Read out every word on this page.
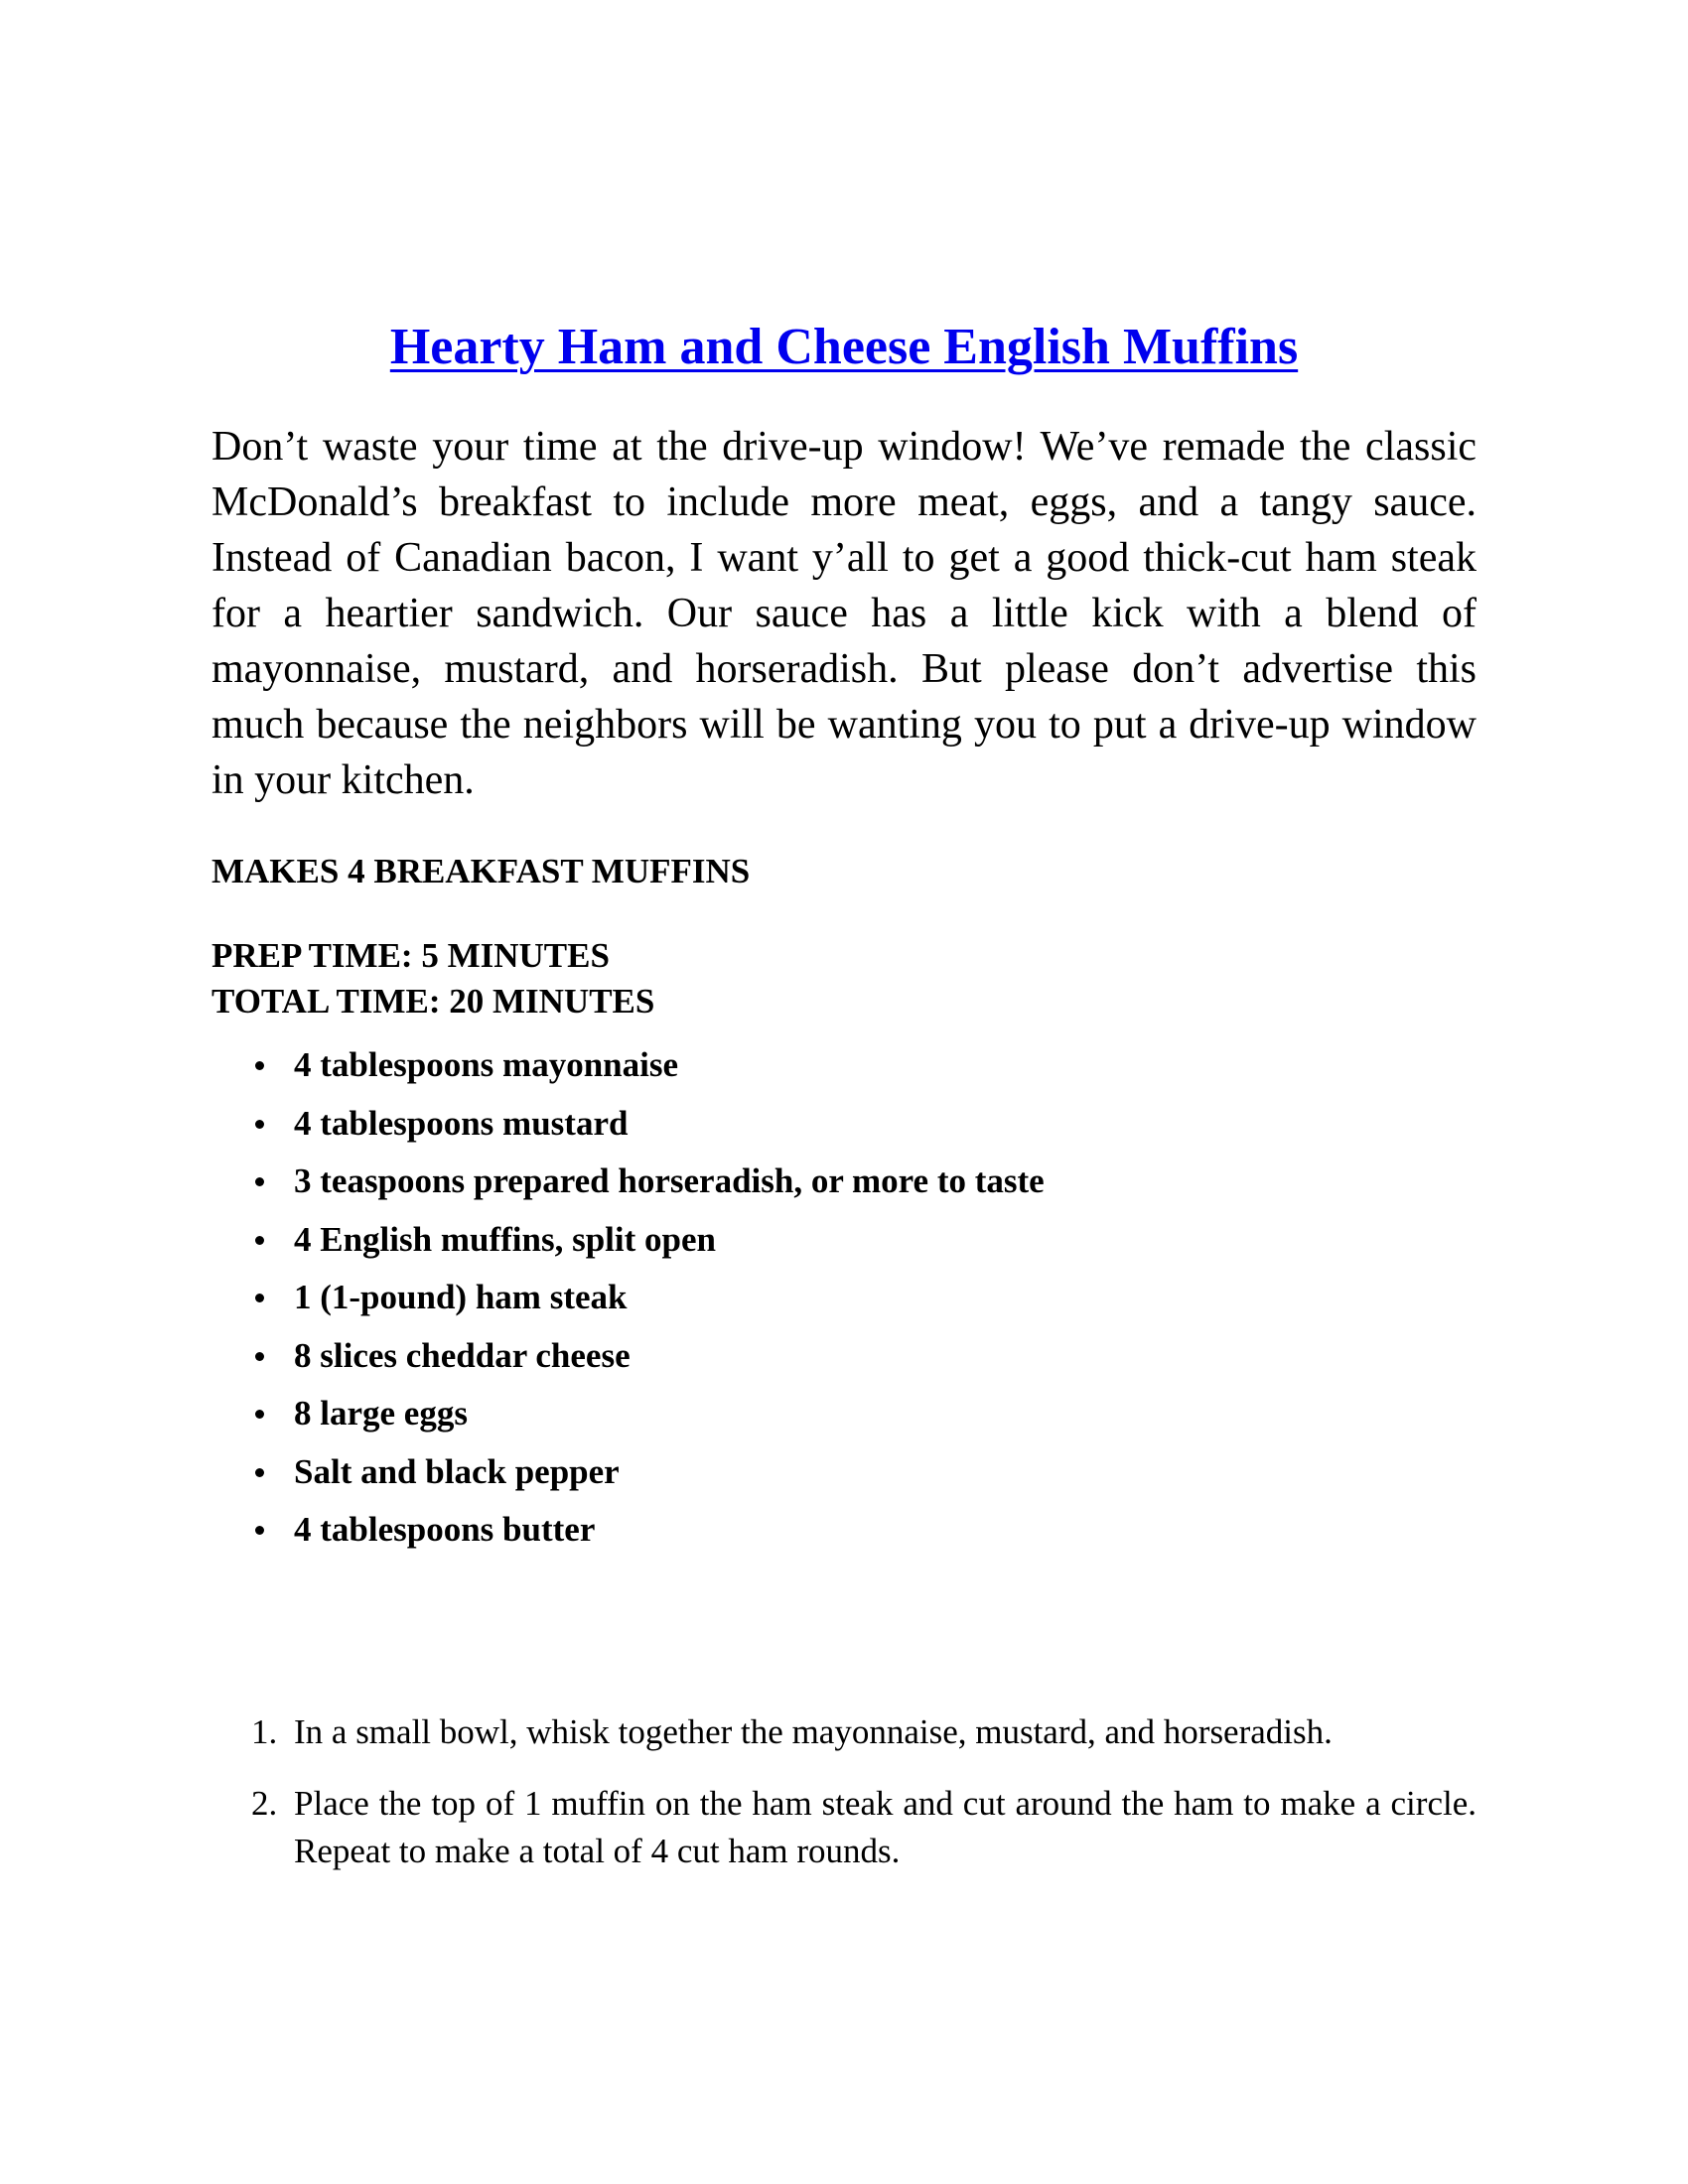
Hearty Ham and Cheese English Muffins

Don’t waste your time at the drive-up window! We’ve remade the classic McDonald’s breakfast to include more meat, eggs, and a tangy sauce. Instead of Canadian bacon, I want y’all to get a good thick-cut ham steak for a heartier sandwich. Our sauce has a little kick with a blend of mayonnaise, mustard, and horseradish. But please don’t advertise this much because the neighbors will be wanting you to put a drive-up window in your kitchen.

MAKES 4 BREAKFAST MUFFINS

PREP TIME: 5 MINUTES
TOTAL TIME: 20 MINUTES
4 tablespoons mayonnaise
4 tablespoons mustard
3 teaspoons prepared horseradish, or more to taste
4 English muffins, split open
1 (1-pound) ham steak
8 slices cheddar cheese
8 large eggs
Salt and black pepper
4 tablespoons butter
1. In a small bowl, whisk together the mayonnaise, mustard, and horseradish.
2. Place the top of 1 muffin on the ham steak and cut around the ham to make a circle. Repeat to make a total of 4 cut ham rounds.
